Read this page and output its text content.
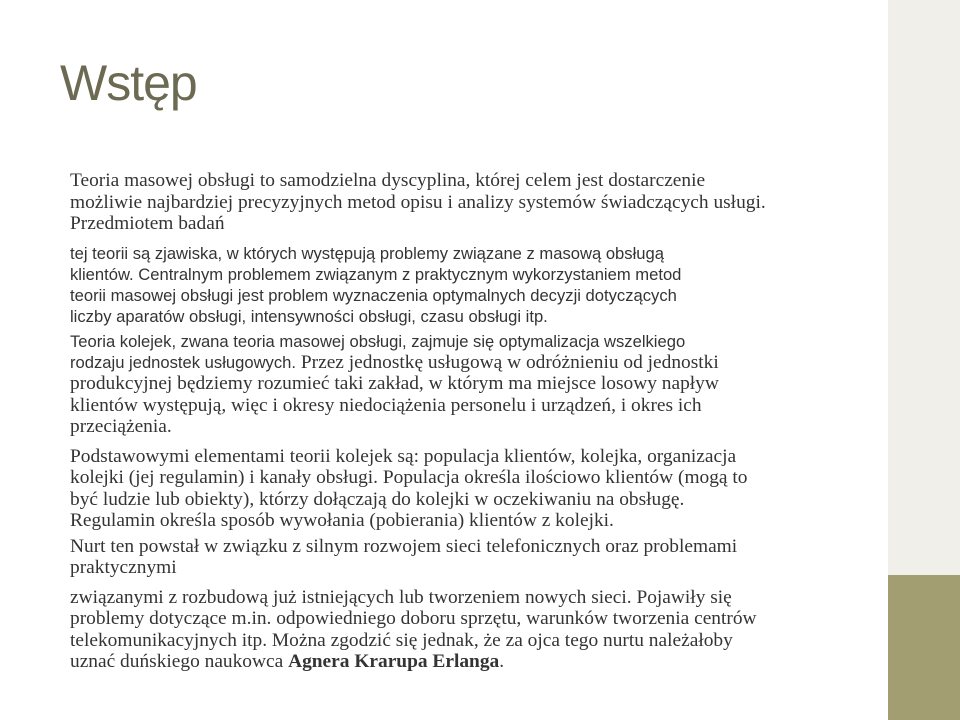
Wstęp
Teoria masowej obsługi to samodzielna dyscyplina, której celem jest dostarczenie
możliwie najbardziej precyzyjnych metod opisu i analizy systemów świadczących usługi.
Przedmiotem badań
tej teorii są zjawiska, w których występują problemy związane z masową obsługą
klientów. Centralnym problemem związanym z praktycznym wykorzystaniem metod
teorii masowej obsługi jest problem wyznaczenia optymalnych decyzji dotyczących
liczby aparatów obsługi, intensywności obsługi, czasu obsługi itp.
Teoria kolejek, zwana teoria masowej obsługi, zajmuje się optymalizacja wszelkiego
rodzaju jednostek usługowych. Przez jednostkę usługową w odróżnieniu od jednostki
produkcyjnej będziemy rozumieć taki zakład, w którym ma miejsce losowy napływ
klientów występują, więc i okresy niedociążenia personelu i urządzeń, i okres ich
przeciążenia.
Podstawowymi elementami teorii kolejek są: populacja klientów, kolejka, organizacja
kolejki (jej regulamin) i kanały obsługi. Populacja określa ilościowo klientów (mogą to
być ludzie lub obiekty), którzy dołączają do kolejki w oczekiwaniu na obsługę.
Regulamin określa sposób wywołania (pobierania) klientów z kolejki.
Nurt ten powstał w związku z silnym rozwojem sieci telefonicznych oraz problemami
praktycznymi
związanymi z rozbudową już istniejących lub tworzeniem nowych sieci. Pojawiły się
problemy dotyczące m.in. odpowiedniego doboru sprzętu, warunków tworzenia centrów
telekomunikacyjnych itp. Można zgodzić się jednak, że za ojca tego nurtu należałoby
uznać duńskiego naukowca Agnera Krarupa Erlanga.
